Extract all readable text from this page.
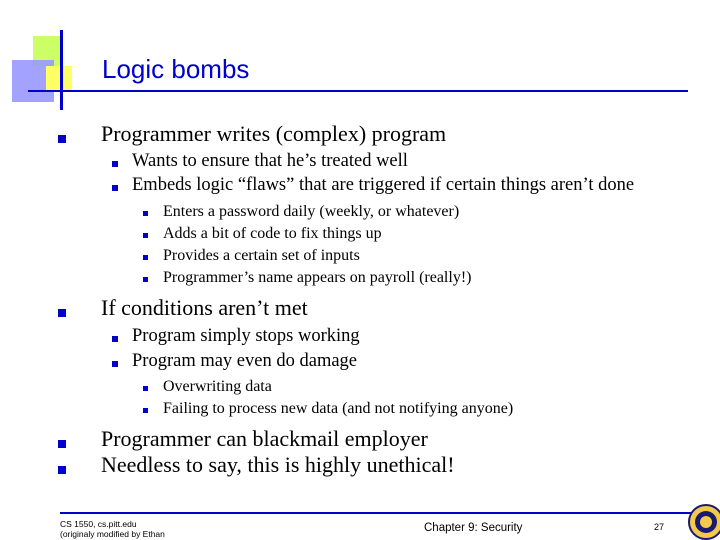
Logic bombs
Programmer writes (complex) program
Wants to ensure that he’s treated well
Embeds logic “flaws” that are triggered if certain things aren’t done
Enters a password daily (weekly, or whatever)
Adds a bit of code to fix things up
Provides a certain set of inputs
Programmer’s name appears on payroll (really!)
If conditions aren’t met
Program simply stops working
Program may even do damage
Overwriting data
Failing to process new data (and not notifying anyone)
Programmer can blackmail employer
Needless to say, this is highly unethical!
CS 1550, cs.pitt.edu
(originaly modified by Ethan	Chapter 9: Security	27
